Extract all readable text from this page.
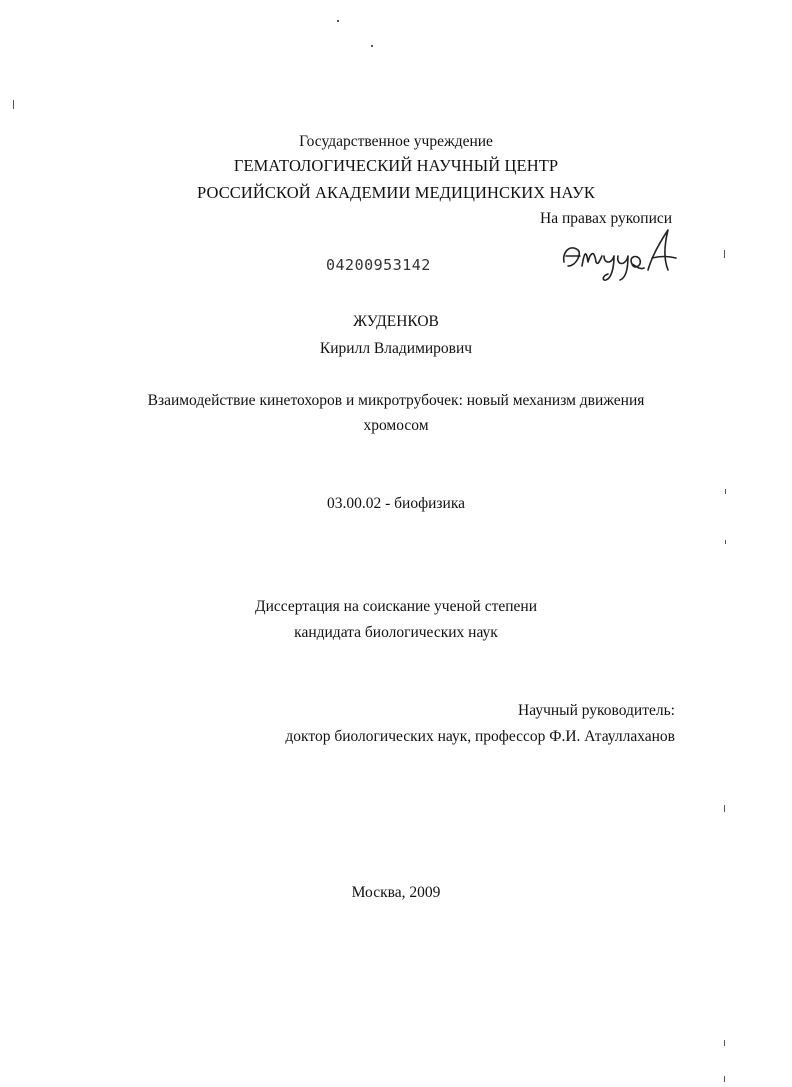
Государственное учреждение
ГЕМАТОЛОГИЧЕСКИЙ НАУЧНЫЙ ЦЕНТР
РОССИЙСКОЙ АКАДЕМИИ МЕДИЦИНСКИХ НАУК
На правах рукописи
04200953142
ЖУДЕНКОВ
Кирилл Владимирович
Взаимодействие кинетохоров и микротрубочек: новый механизм движения
хромосом
03.00.02 - биофизика
Диссертация на соискание ученой степени
кандидата биологических наук
Научный руководитель:
доктор биологических наук, профессор Ф.И. Атауллаханов
Москва, 2009
